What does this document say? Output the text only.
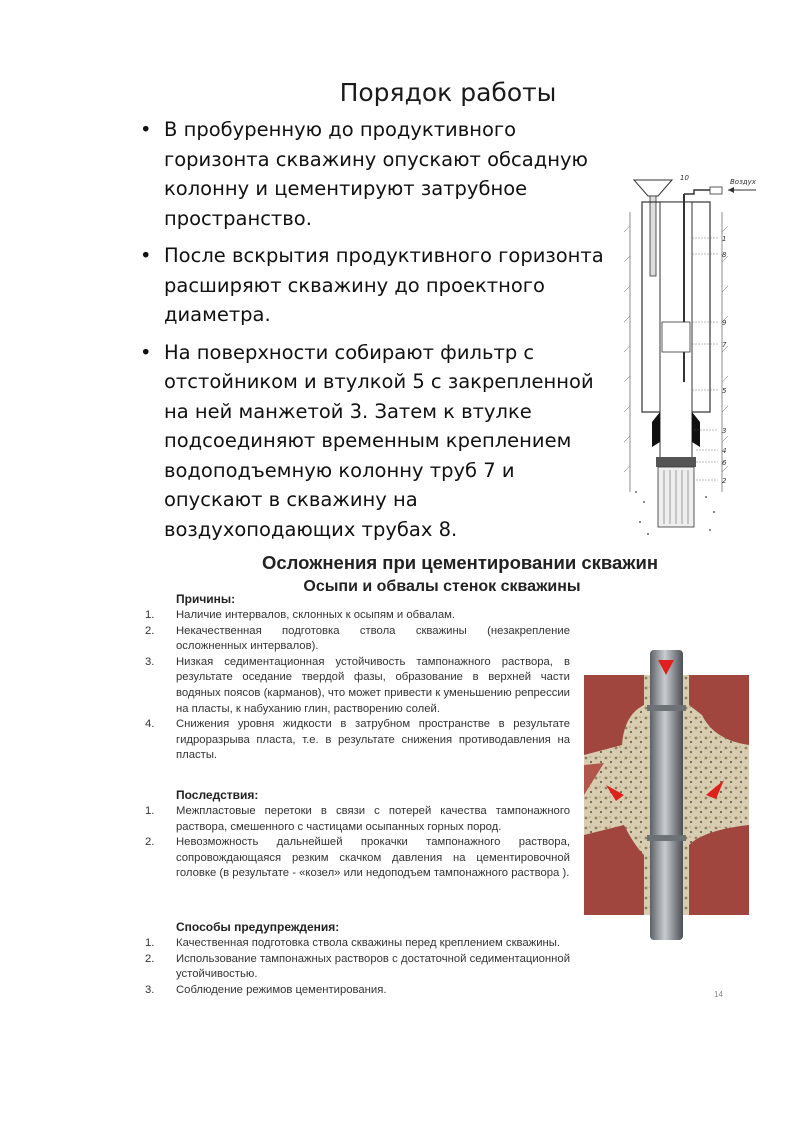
Порядок работы
• В пробуренную до продуктивного горизонта скважину опускают обсадную колонну и цементируют затрубное пространство.
• После вскрытия продуктивного горизонта расширяют скважину до проектного диаметра.
• На поверхности собирают фильтр с отстойником и втулкой 5 с закрепленной на ней манжетой 3. Затем к втулке подсоединяют временным креплением водоподъемную колонну труб 7 и опускают в скважину на воздухоподающих трубах 8.
10
1
8
9
7
5
3
4
6
2
Воздух
Осложнения при цементировании скважин
Осыпи и обвалы стенок скважины
Причины:
1. Наличие интервалов, склонных к осыпям и обвалам.
2. Некачественная подготовка ствола скважины (незакрепление осложненных интервалов).
3. Низкая седиментационная устойчивость тампонажного раствора, в результате оседание твердой фазы, образование в верхней части водяных поясов (карманов), что может привести к уменьшению репрессии на пласты, к набуханию глин, растворению солей.
4. Снижения уровня жидкости в затрубном пространстве в результате гидроразрыва пласта, т.е. в результате снижения противодавления на пласты.
Последствия:
1. Межпластовые перетоки в связи с потерей качества тампонажного раствора, смешенного с частицами осыпанных горных пород.
2. Невозможность дальнейшей прокачки тампонажного раствора, сопровождающаяся резким скачком давления на цементировочной головке (в результате - «козел» или недоподъем тампонажного раствора ).
Способы предупреждения:
1. Качественная подготовка ствола скважины перед креплением скважины.
2. Использование тампонажных растворов с достаточной седиментационной устойчивостью.
3. Соблюдение режимов цементирования.	14
